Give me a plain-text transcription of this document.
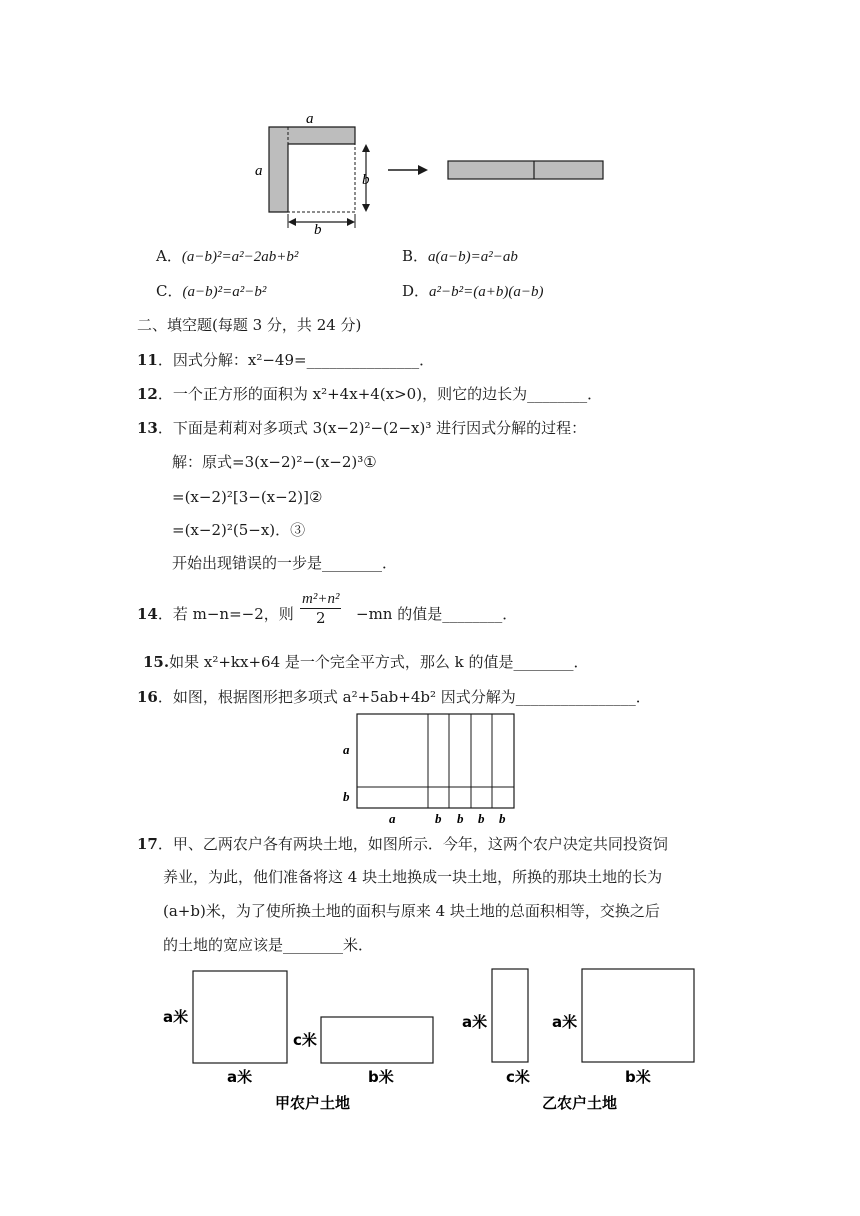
a
a
b
b
A．(a−b)²=a²−2ab+b²	B．a(a−b)=a²−ab
C．(a−b)²=a²−b²	D．a²−b²=(a+b)(a−b)
二、填空题(每题 3 分，共 24 分)
11．因式分解：x²−49=_______________．
12．一个正方形的面积为 x²+4x+4(x>0)，则它的边长为________．
13．下面是莉莉对多项式 3(x−2)²−(2−x)³ 进行因式分解的过程：
解：原式=3(x−2)²−(x−2)³①
=(x−2)²[3−(x−2)]②
=(x−2)²(5−x)．③
开始出现错误的一步是________．
14．若 m−n=−2，则 $\frac{\text{m²+n²}}{2} -mn$ 的值是________．
15.如果 x²+kx+64 是一个完全平方式，那么 k 的值是________．
16．如图，根据图形把多项式 a²+5ab+4b² 因式分解为________________．
a
b
a	b b b b
17．甲、乙两农户各有两块土地，如图所示．今年，这两个农户决定共同投资饲
养业，为此，他们准备将这 4 块土地换成一块土地，所换的那块土地的长为
(a+b)米，为了使所换土地的面积与原来 4 块土地的总面积相等，交换之后
的土地的宽应该是________米．
a米
a米
c米
b米
甲农户土地
a米
c米
a米
b米
乙农户土地
